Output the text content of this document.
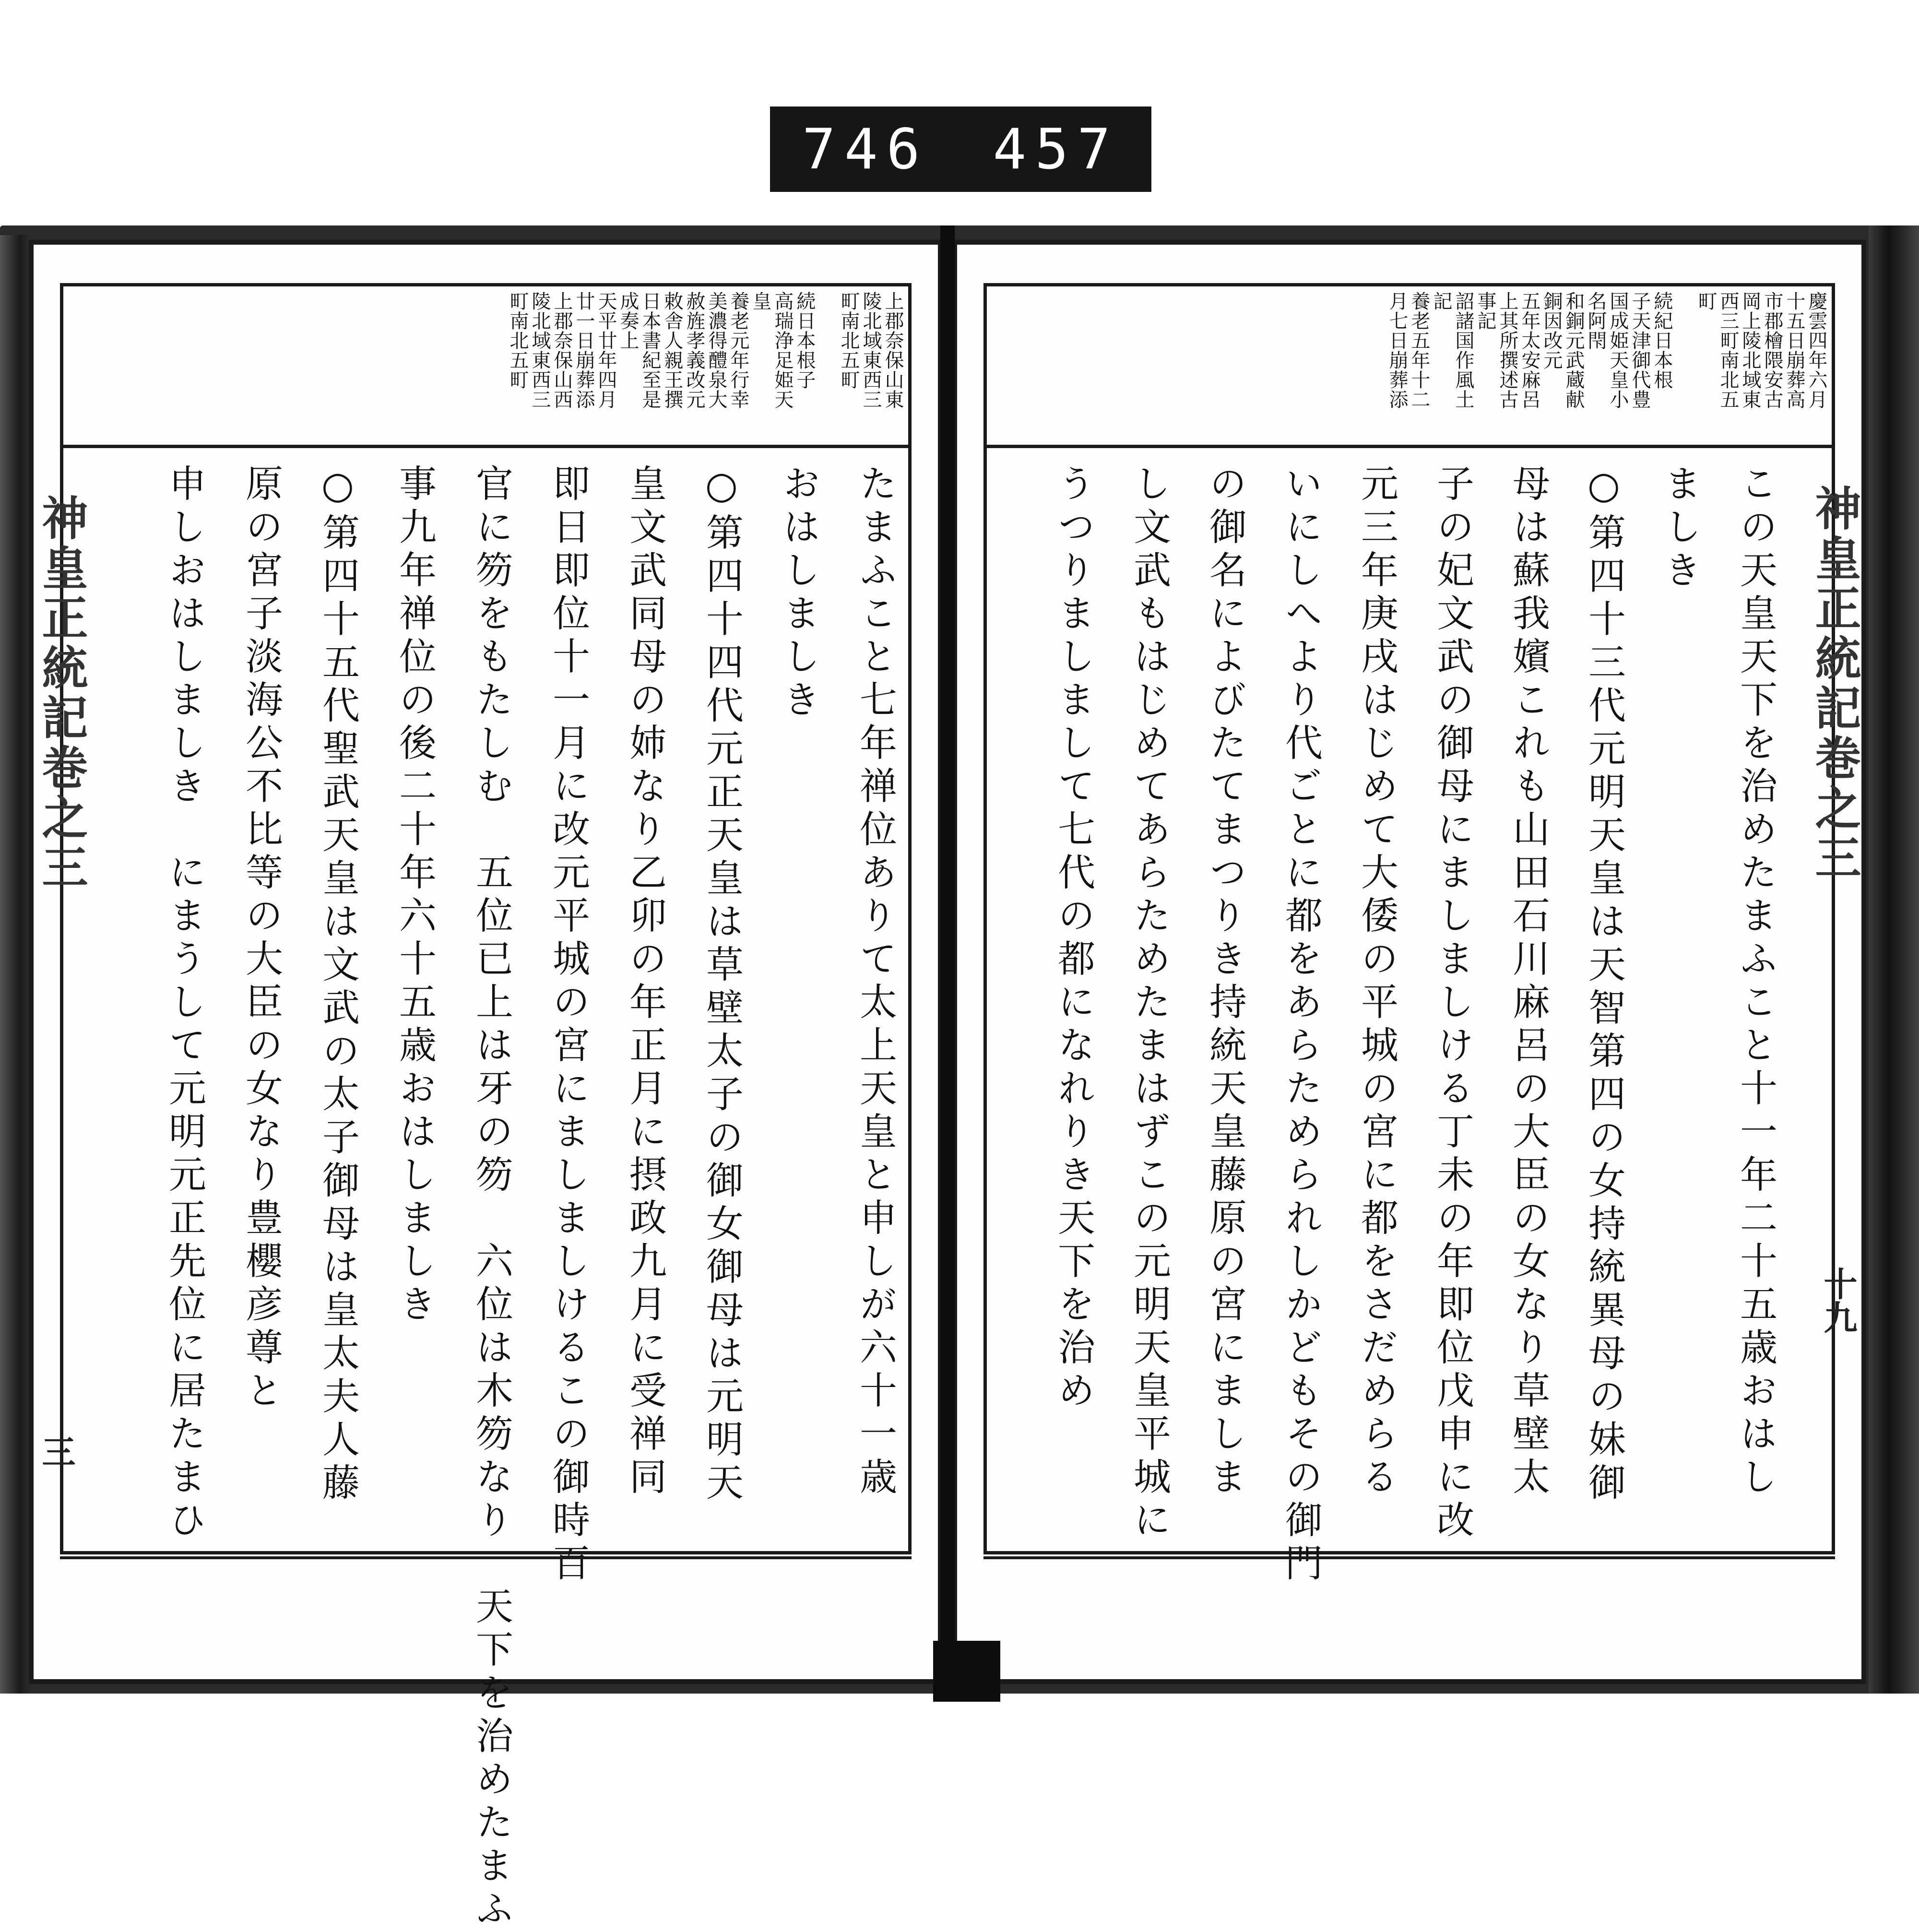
746 457
上郡奈保山東
陵北域東西三
町南北五町
続日本根子
高瑞浄足姫天
皇
養老元年行幸
美濃得醴泉大
赦旌孝義改元
敕舎人親王撰
日本書紀至是
成奏上
天平廿年四月
廿一日崩葬添
上郡奈保山西
陵北域東西三
町南北五町
たまふこと七年禅位ありて太上天皇と申しが六十一歳
おはしましき
○第四十四代元正天皇は草壁太子の御女御母は元明天
皇文武同母の姉なり乙卯の年正月に摂政九月に受禅同
即日即位十一月に改元平城の宮にましましけるこの御時百
官に笏をもたしむ　五位已上は牙の笏　六位は木笏なり　天下を治めたまふ
事九年禅位の後二十年六十五歳おはしましき
○第四十五代聖武天皇は文武の太子御母は皇太夫人藤
原の宮子淡海公不比等の大臣の女なり豊櫻彦尊と
申しおはしましき　にまうして元明元正先位に居たまひ
神皇正統記巻之三
三
慶雲四年六月
十五日崩葬高
市郡檜隈安古
岡上陵北域東
西三町南北五
町
続紀日本根
子天津御代豊
国成姫天皇小
名阿閇
和銅元武蔵献
銅因改元
五年太安麻呂
上其所撰述古
事記
詔諸国作風土
記
養老五年十二
月七日崩葬添
この天皇天下を治めたまふこと十一年二十五歳おはし
ましき
○第四十三代元明天皇は天智第四の女持統異母の妹御
母は蘇我嬪これも山田石川麻呂の大臣の女なり草壁太
子の妃文武の御母にましましける丁未の年即位戊申に改
元三年庚戌はじめて大倭の平城の宮に都をさだめらる
いにしへより代ごとに都をあらためられしかどもその御門
の御名によびたてまつりき持統天皇藤原の宮にましま
し文武もはじめてあらためたまはずこの元明天皇平城に
うつりましまして七代の都になれりき天下を治め	神皇正統記巻之三
十九
